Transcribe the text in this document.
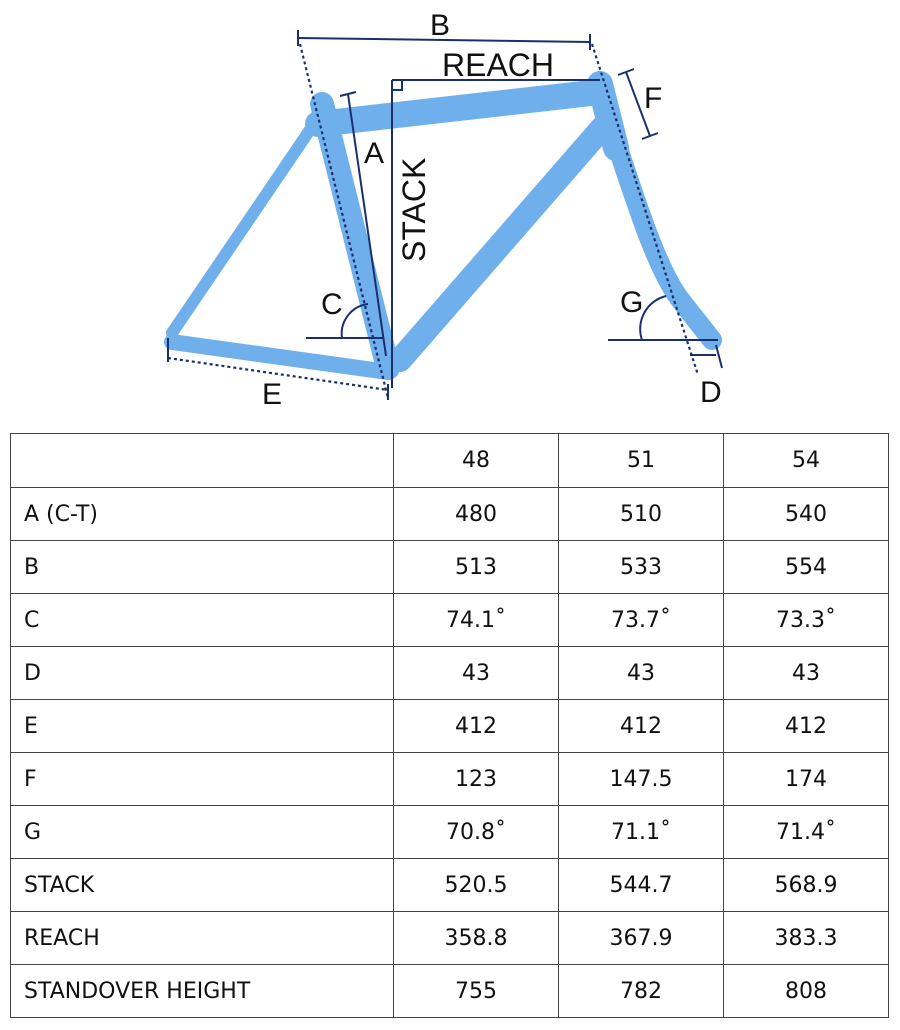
B
REACH
F
A
STACK
C	G
E	D
	48	51	54
A (C-T)	480	510	540
B	513	533	554
C	74.1˚	73.7˚	73.3˚
D	43	43	43
E	412	412	412
F	123	147.5	174
G	70.8˚	71.1˚	71.4˚
STACK	520.5	544.7	568.9
REACH	358.8	367.9	383.3
STANDOVER HEIGHT	755	782	808
